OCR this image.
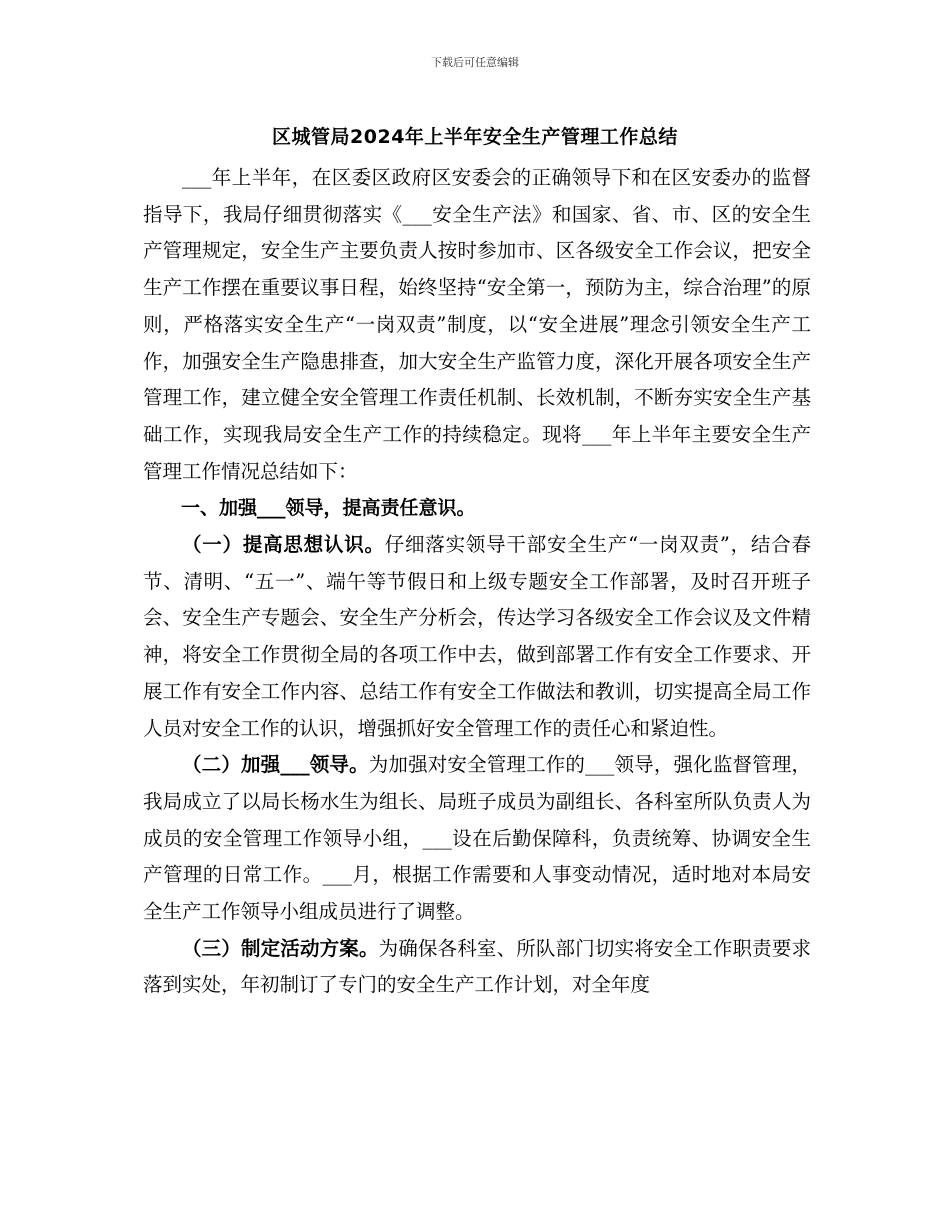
下载后可任意编辑
区城管局2024年上半年安全生产管理工作总结

___年上半年，在区委区政府区安委会的正确领导下和在区安委办的监督指导下，我局仔细贯彻落实《___安全生产法》和国家、省、市、区的安全生产管理规定，安全生产主要负责人按时参加市、区各级安全工作会议，把安全生产工作摆在重要议事日程，始终坚持“安全第一，预防为主，综合治理”的原则，严格落实安全生产“一岗双责”制度，以“安全进展”理念引领安全生产工作，加强安全生产隐患排查，加大安全生产监管力度，深化开展各项安全生产管理工作，建立健全安全管理工作责任机制、长效机制，不断夯实安全生产基础工作，实现我局安全生产工作的持续稳定。现将___年上半年主要安全生产管理工作情况总结如下：

一、加强___领导，提高责任意识。

（一）提高思想认识。仔细落实领导干部安全生产“一岗双责”，结合春节、清明、“五一”、端午等节假日和上级专题安全工作部署，及时召开班子会、安全生产专题会、安全生产分析会，传达学习各级安全工作会议及文件精神，将安全工作贯彻全局的各项工作中去，做到部署工作有安全工作要求、开展工作有安全工作内容、总结工作有安全工作做法和教训，切实提高全局工作人员对安全工作的认识，增强抓好安全管理工作的责任心和紧迫性。

（二）加强___领导。为加强对安全管理工作的___领导，强化监督管理，我局成立了以局长杨水生为组长、局班子成员为副组长、各科室所队负责人为成员的安全管理工作领导小组，___设在后勤保障科，负责统筹、协调安全生产管理的日常工作。___月，根据工作需要和人事变动情况，适时地对本局安全生产工作领导小组成员进行了调整。

（三）制定活动方案。为确保各科室、所队部门切实将安全工作职责要求落到实处，年初制订了专门的安全生产工作计划，对全年度
